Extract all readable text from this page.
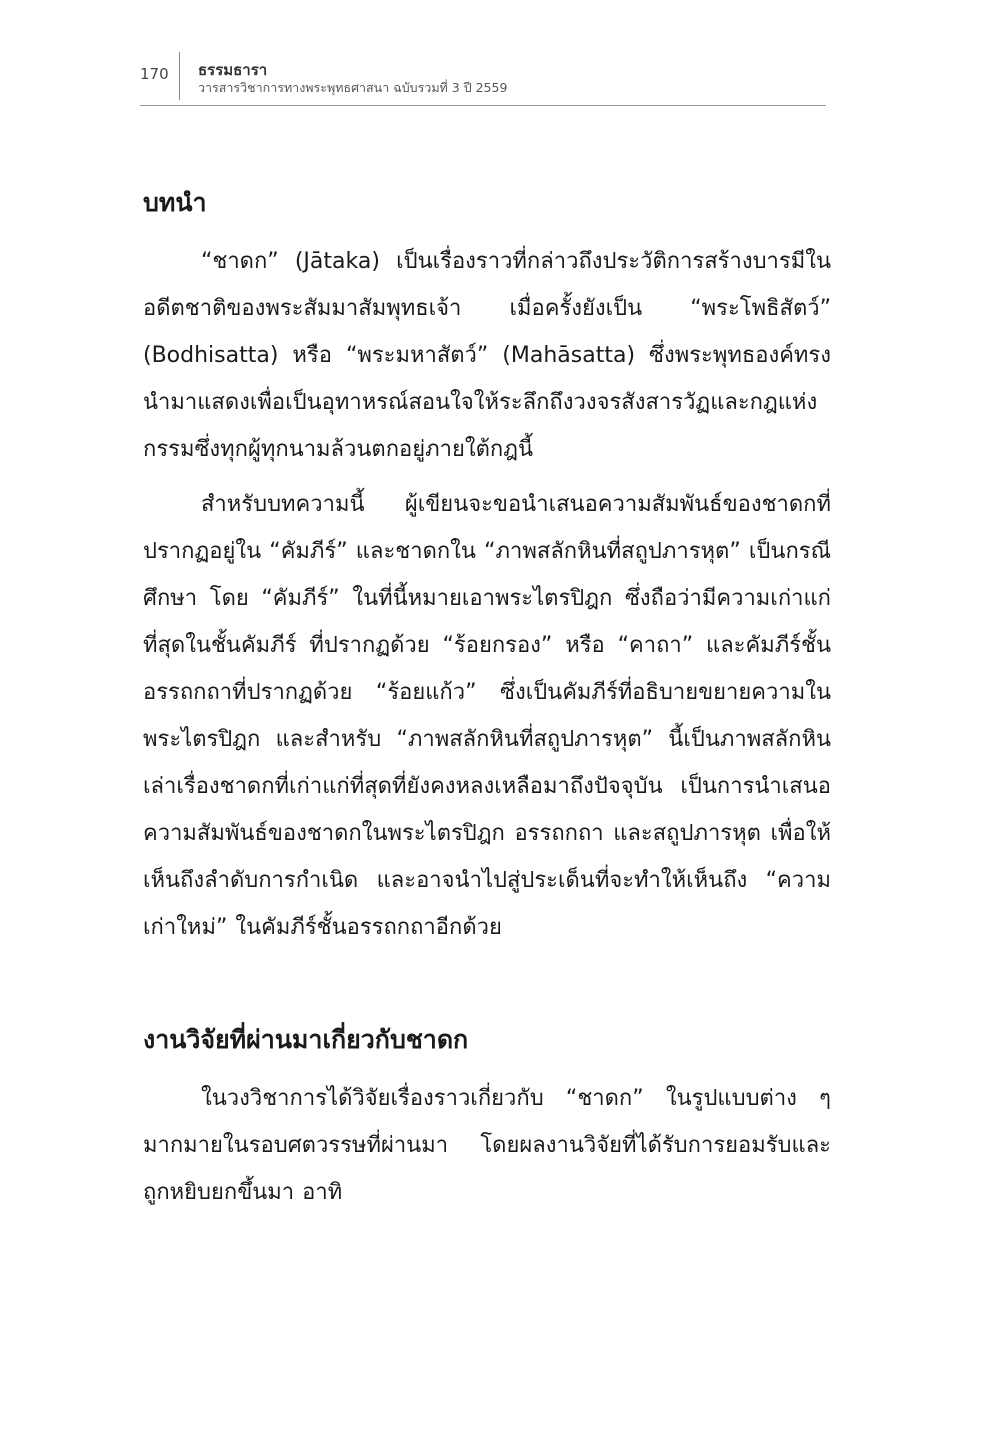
170 ธรรมธารา
วารสารวิชาการทางพระพุทธศาสนา ฉบับรวมที่ 3 ปี 2559
บทนำ

“ชาดก” (Jātaka) เป็นเรื่องราวที่กล่าวถึงประวัติการสร้างบารมีในอดีตชาติของพระสัมมาสัมพุทธเจ้า เมื่อครั้งยังเป็น “พระโพธิสัตว์” (Bodhisatta) หรือ “พระมหาสัตว์” (Mahāsatta) ซึ่งพระพุทธองค์ทรงนำมาแสดงเพื่อเป็นอุทาหรณ์สอนใจให้ระลึกถึงวงจรสังสารวัฏและกฎแห่งกรรมซึ่งทุกผู้ทุกนามล้วนตกอยู่ภายใต้กฎนี้

สำหรับบทความนี้ ผู้เขียนจะขอนำเสนอความสัมพันธ์ของชาดกที่ปรากฏอยู่ใน “คัมภีร์” และชาดกใน “ภาพสลักหินที่สถูปภารหุต” เป็นกรณีศึกษา โดย “คัมภีร์” ในที่นี้หมายเอาพระไตรปิฎก ซึ่งถือว่ามีความเก่าแก่ที่สุดในชั้นคัมภีร์ ที่ปรากฏด้วย “ร้อยกรอง” หรือ “คาถา” และคัมภีร์ชั้นอรรถกถาที่ปรากฏด้วย “ร้อยแก้ว” ซึ่งเป็นคัมภีร์ที่อธิบายขยายความในพระไตรปิฎก และสำหรับ “ภาพสลักหินที่สถูปภารหุต” นี้เป็นภาพสลักหินเล่าเรื่องชาดกที่เก่าแก่ที่สุดที่ยังคงหลงเหลือมาถึงปัจจุบัน เป็นการนำเสนอความสัมพันธ์ของชาดกในพระไตรปิฎก อรรถกถา และสถูปภารหุต เพื่อให้เห็นถึงลำดับการกำเนิด และอาจนำไปสู่ประเด็นที่จะทำให้เห็นถึง “ความเก่าใหม่” ในคัมภีร์ชั้นอรรถกถาอีกด้วย

งานวิจัยที่ผ่านมาเกี่ยวกับชาดก

ในวงวิชาการได้วิจัยเรื่องราวเกี่ยวกับ “ชาดก” ในรูปแบบต่าง ๆ มากมายในรอบศตวรรษที่ผ่านมา โดยผลงานวิจัยที่ได้รับการยอมรับและถูกหยิบยกขึ้นมา อาทิ
